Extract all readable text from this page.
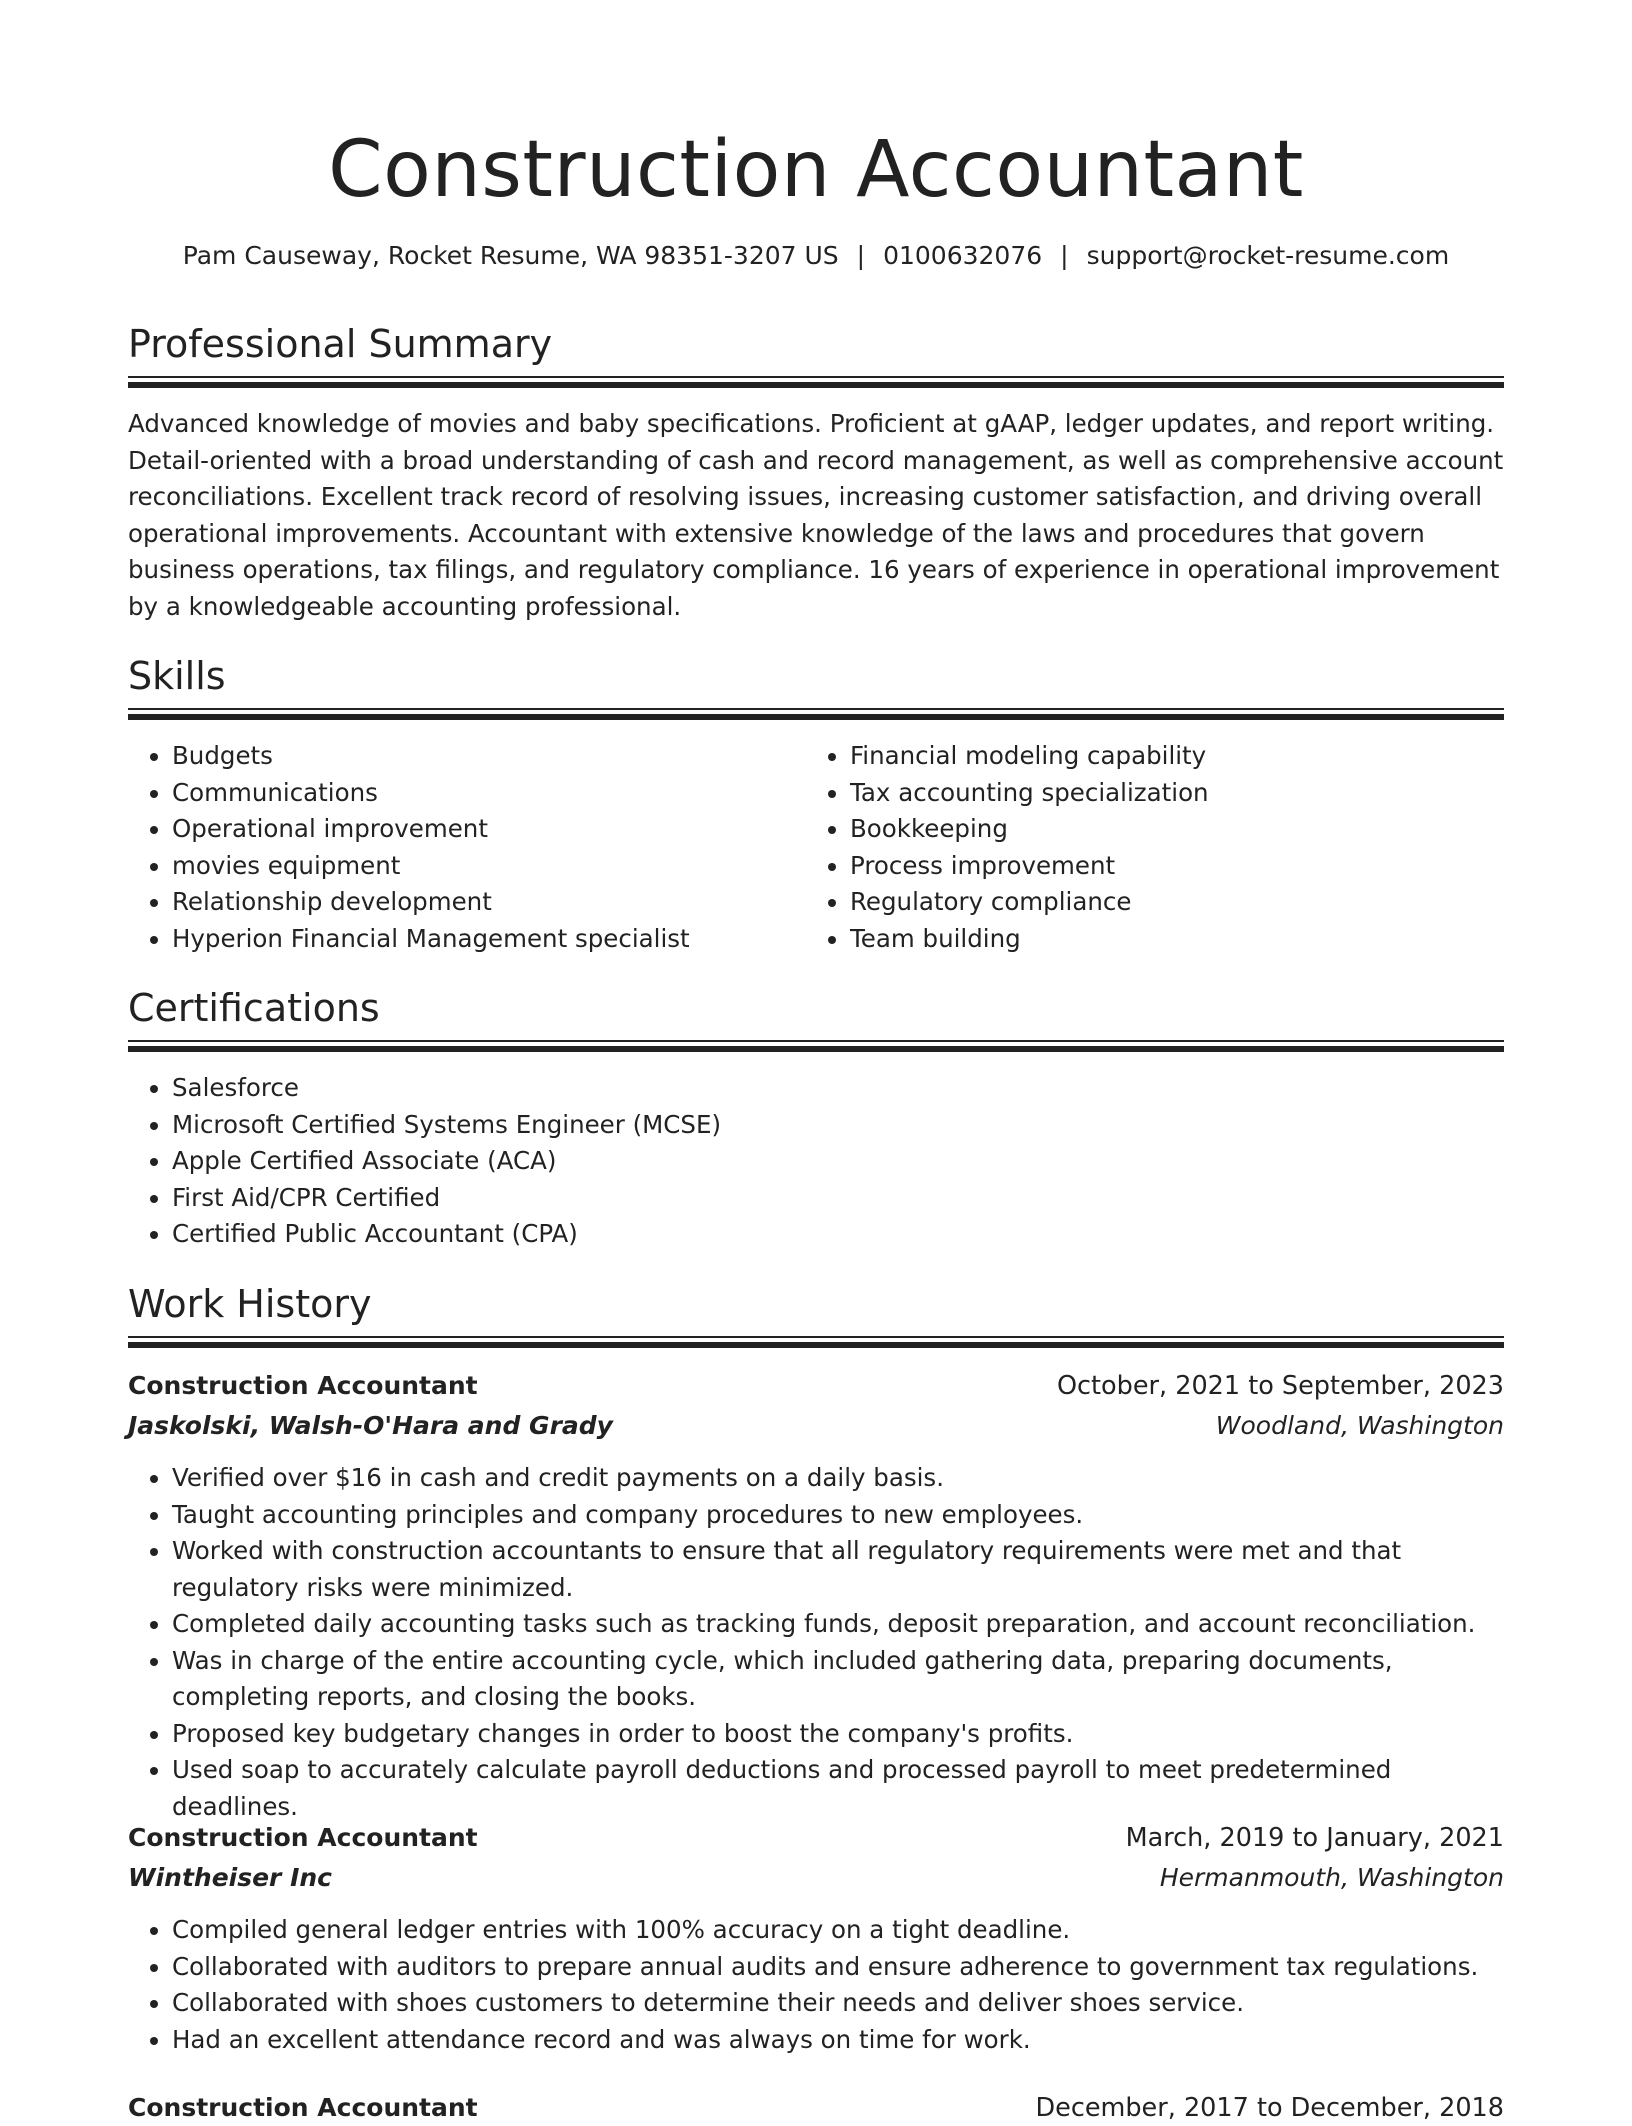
Construction Accountant
Pam Causeway, Rocket Resume, WA 98351-3207 US | 0100632076 | support@rocket-resume.com
Professional Summary

Advanced knowledge of movies and baby specifications. Proficient at gAAP, ledger updates, and report writing. Detail-oriented with a broad understanding of cash and record management, as well as comprehensive account reconciliations. Excellent track record of resolving issues, increasing customer satisfaction, and driving overall operational improvements. Accountant with extensive knowledge of the laws and procedures that govern business operations, tax filings, and regulatory compliance. 16 years of experience in operational improvement by a knowledgeable accounting professional.

Skills
• Budgets
• Communications
• Operational improvement
• movies equipment
• Relationship development
• Hyperion Financial Management specialist
• Financial modeling capability
• Tax accounting specialization
• Bookkeeping
• Process improvement
• Regulatory compliance
• Team building
Certifications
• Salesforce
• Microsoft Certified Systems Engineer (MCSE)
• Apple Certified Associate (ACA)
• First Aid/CPR Certified
• Certified Public Accountant (CPA)
Work History
Construction Accountant	October, 2021 to September, 2023
Jaskolski, Walsh-O'Hara and Grady	Woodland, Washington
• Verified over $16 in cash and credit payments on a daily basis.
• Taught accounting principles and company procedures to new employees.
• Worked with construction accountants to ensure that all regulatory requirements were met and that regulatory risks were minimized.
• Completed daily accounting tasks such as tracking funds, deposit preparation, and account reconciliation.
• Was in charge of the entire accounting cycle, which included gathering data, preparing documents, completing reports, and closing the books.
• Proposed key budgetary changes in order to boost the company's profits.
• Used soap to accurately calculate payroll deductions and processed payroll to meet predetermined deadlines.
Construction Accountant	March, 2019 to January, 2021
Wintheiser Inc	Hermanmouth, Washington
• Compiled general ledger entries with 100% accuracy on a tight deadline.
• Collaborated with auditors to prepare annual audits and ensure adherence to government tax regulations.
• Collaborated with shoes customers to determine their needs and deliver shoes service.
• Had an excellent attendance record and was always on time for work.
Construction Accountant	December, 2017 to December, 2018
